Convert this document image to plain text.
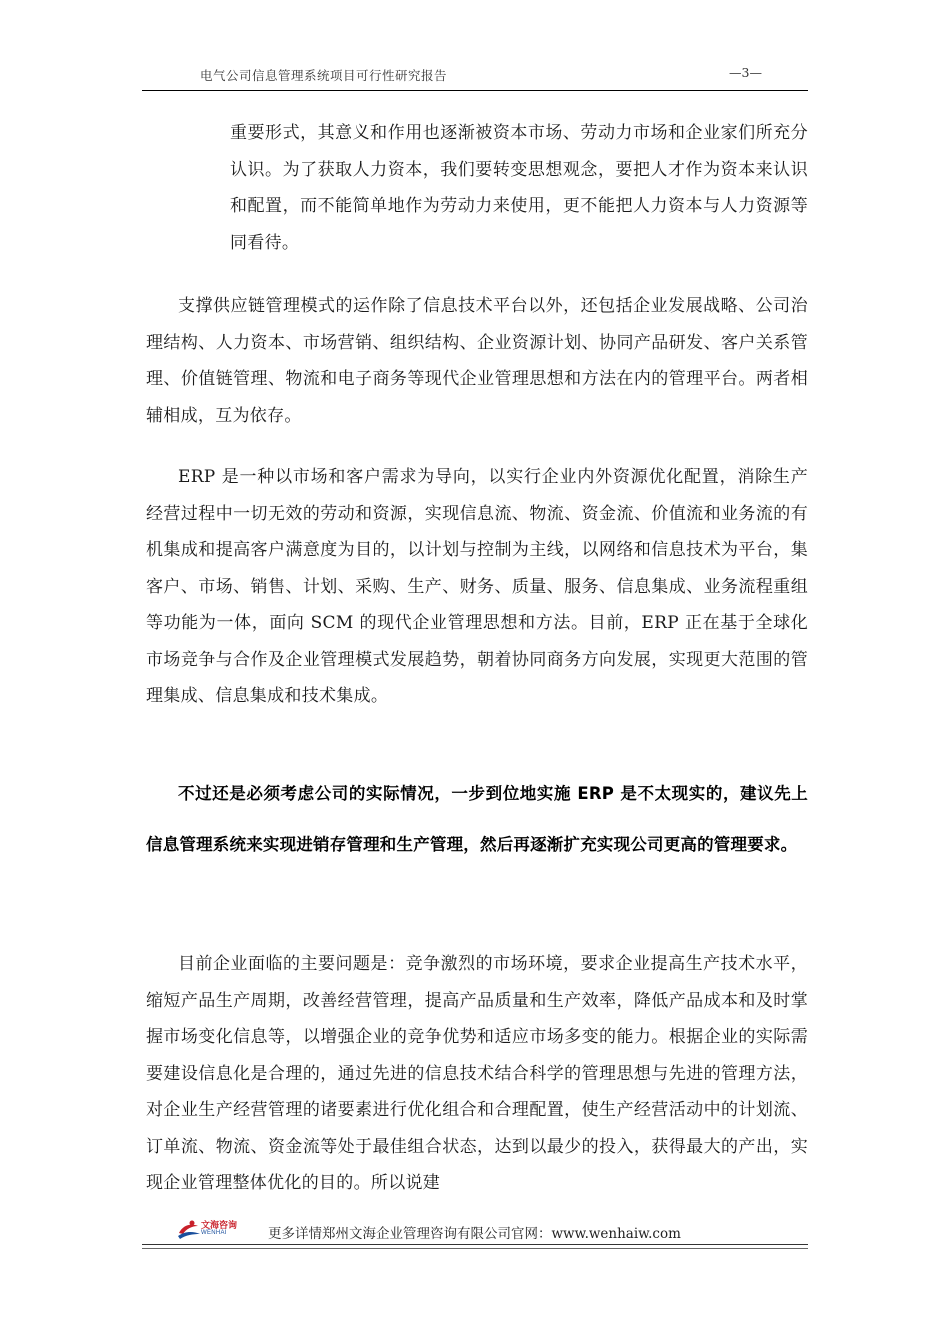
电气公司信息管理系统项目可行性研究报告	—3—

重要形式，其意义和作用也逐渐被资本市场、劳动力市场和企业家们所充分认识。为了获取人力资本，我们要转变思想观念，要把人才作为资本来认识和配置，而不能简单地作为劳动力来使用，更不能把人力资本与人力资源等同看待。

支撑供应链管理模式的运作除了信息技术平台以外，还包括企业发展战略、公司治理结构、人力资本、市场营销、组织结构、企业资源计划、协同产品研发、客户关系管理、价值链管理、物流和电子商务等现代企业管理思想和方法在内的管理平台。两者相辅相成，互为依存。

ERP 是一种以市场和客户需求为导向，以实行企业内外资源优化配置，消除生产经营过程中一切无效的劳动和资源，实现信息流、物流、资金流、价值流和业务流的有机集成和提高客户满意度为目的，以计划与控制为主线，以网络和信息技术为平台，集客户、市场、销售、计划、采购、生产、财务、质量、服务、信息集成、业务流程重组等功能为一体，面向 SCM 的现代企业管理思想和方法。目前，ERP 正在基于全球化市场竞争与合作及企业管理模式发展趋势，朝着协同商务方向发展，实现更大范围的管理集成、信息集成和技术集成。

不过还是必须考虑公司的实际情况，一步到位地实施 ERP 是不太现实的，建议先上信息管理系统来实现进销存管理和生产管理，然后再逐渐扩充实现公司更高的管理要求。

目前企业面临的主要问题是：竞争激烈的市场环境，要求企业提高生产技术水平，缩短产品生产周期，改善经营管理，提高产品质量和生产效率，降低产品成本和及时掌握市场变化信息等，以增强企业的竞争优势和适应市场多变的能力。根据企业的实际需要建设信息化是合理的，通过先进的信息技术结合科学的管理思想与先进的管理方法，对企业生产经营管理的诸要素进行优化组合和合理配置，使生产经营活动中的计划流、订单流、物流、资金流等处于最佳组合状态，达到以最少的投入，获得最大的产出，实现企业管理整体优化的目的。所以说建

文海咨询
WENHAI	更多详情郑州文海企业管理咨询有限公司官网：www.wenhaiw.com
